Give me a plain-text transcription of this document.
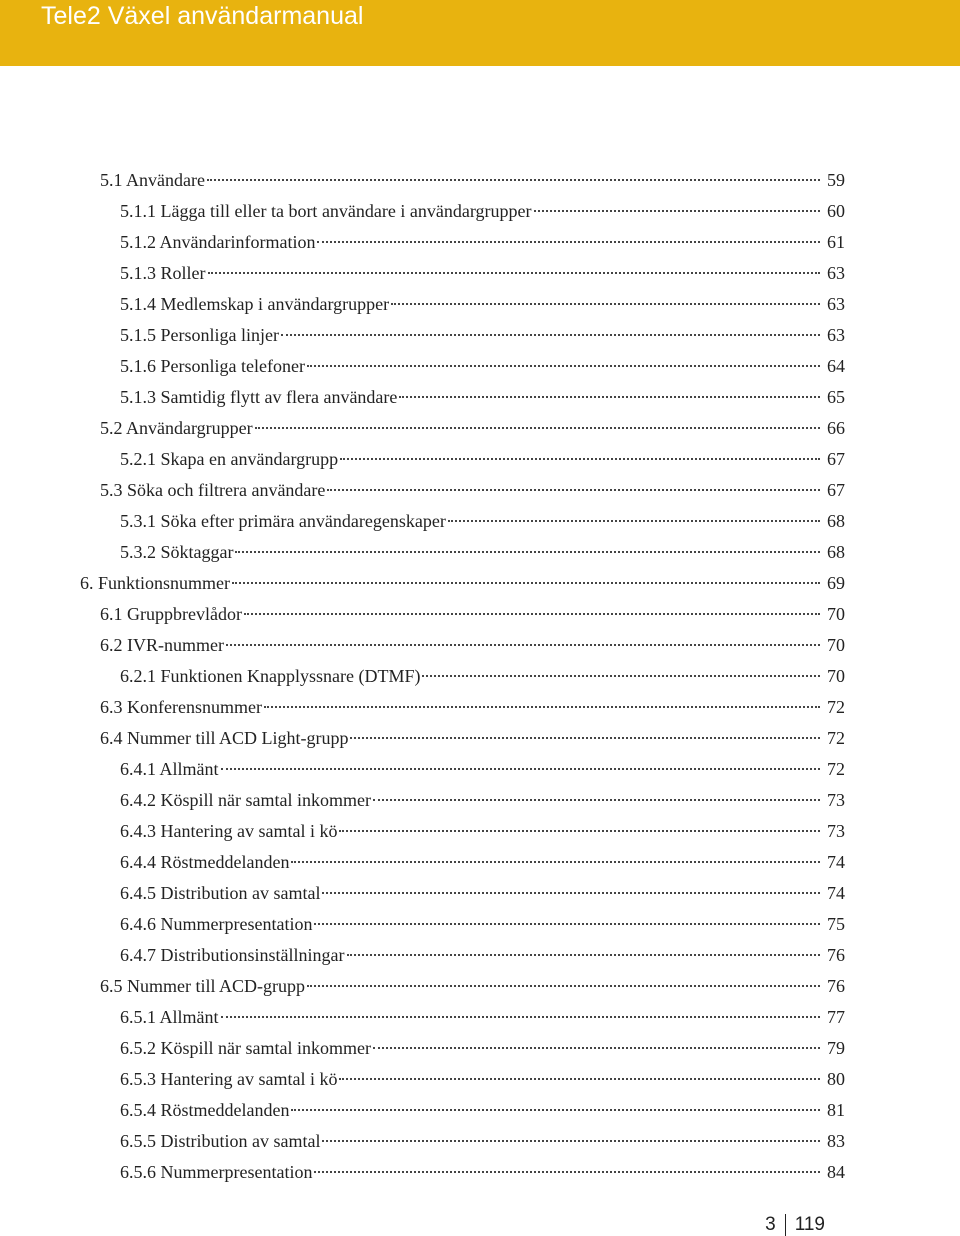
Tele2 Växel användarmanual
5.1 Användare	59
5.1.1 Lägga till eller ta bort användare i användargrupper	60
5.1.2 Användarinformation	61
5.1.3 Roller	63
5.1.4 Medlemskap i användargrupper	63
5.1.5 Personliga linjer	63
5.1.6 Personliga telefoner	64
5.1.3 Samtidig flytt av flera användare	65
5.2 Användargrupper	66
5.2.1 Skapa en användargrupp	67
5.3 Söka och filtrera användare	67
5.3.1 Söka efter primära användaregenskaper	68
5.3.2 Söktaggar	68
6. Funktionsnummer	69
6.1 Gruppbrevlådor	70
6.2 IVR-nummer	70
6.2.1 Funktionen Knapplyssnare (DTMF)	70
6.3 Konferensnummer	72
6.4 Nummer till ACD Light-grupp	72
6.4.1 Allmänt	72
6.4.2 Köspill när samtal inkommer	73
6.4.3 Hantering av samtal i kö	73
6.4.4 Röstmeddelanden	74
6.4.5 Distribution av samtal	74
6.4.6 Nummerpresentation	75
6.4.7 Distributionsinställningar	76
6.5 Nummer till ACD-grupp	76
6.5.1 Allmänt	77
6.5.2 Köspill när samtal inkommer	79
6.5.3 Hantering av samtal i kö	80
6.5.4 Röstmeddelanden	81
6.5.5 Distribution av samtal	83
6.5.6 Nummerpresentation	84
3 119
